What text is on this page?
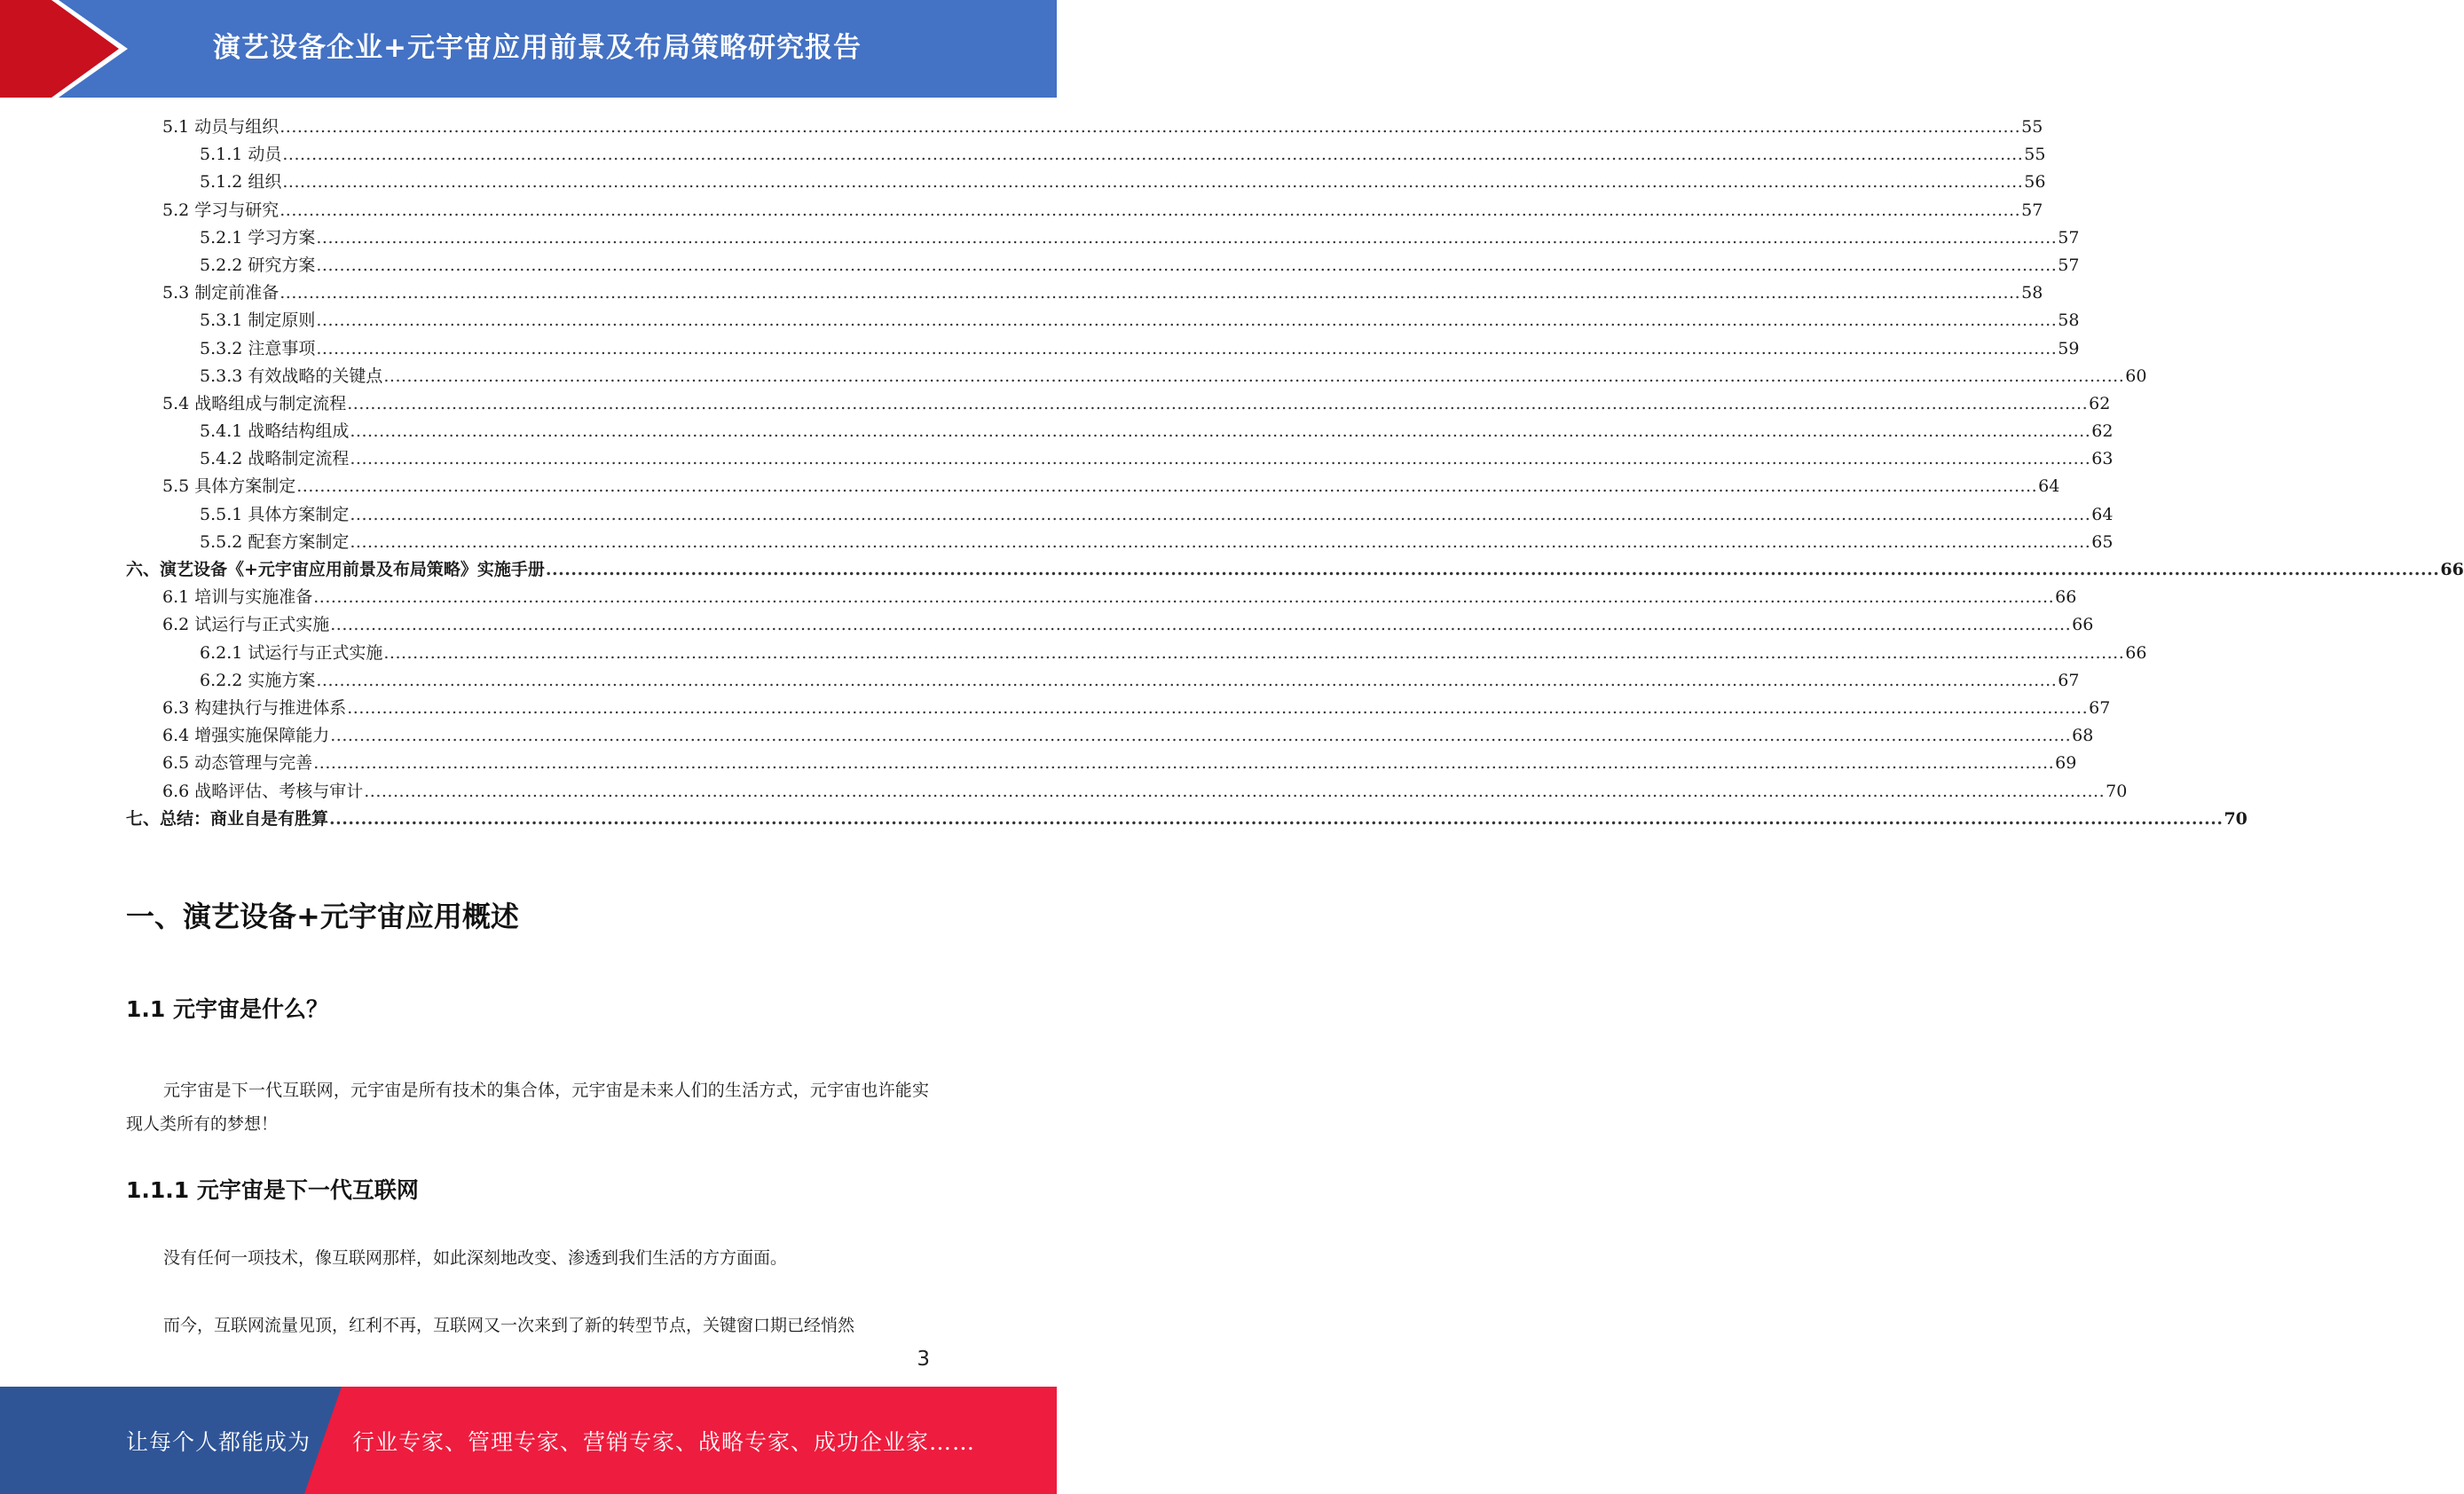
演艺设备企业+元宇宙应用前景及布局策略研究报告
5.1 动员与组织 ............................................................................................................................................................................................................................................................................................................ 55
5.1.1 动员 ............................................................................................................................................................................................................................................................................................................ 55
5.1.2 组织 ............................................................................................................................................................................................................................................................................................................ 56
5.2 学习与研究 ............................................................................................................................................................................................................................................................................................................ 57
5.2.1 学习方案 ............................................................................................................................................................................................................................................................................................................ 57
5.2.2 研究方案 ............................................................................................................................................................................................................................................................................................................ 57
5.3 制定前准备 ............................................................................................................................................................................................................................................................................................................ 58
5.3.1 制定原则 ............................................................................................................................................................................................................................................................................................................ 58
5.3.2 注意事项 ............................................................................................................................................................................................................................................................................................................ 59
5.3.3 有效战略的关键点 ............................................................................................................................................................................................................................................................................................................ 60
5.4 战略组成与制定流程 ............................................................................................................................................................................................................................................................................................................ 62
5.4.1 战略结构组成 ............................................................................................................................................................................................................................................................................................................ 62
5.4.2 战略制定流程 ............................................................................................................................................................................................................................................................................................................ 63
5.5 具体方案制定 ............................................................................................................................................................................................................................................................................................................ 64
5.5.1 具体方案制定 ............................................................................................................................................................................................................................................................................................................ 64
5.5.2 配套方案制定 ............................................................................................................................................................................................................................................................................................................ 65
六、演艺设备《+元宇宙应用前景及布局策略》实施手册 ............................................................................................................................................................................................................................................................................................................ 66
6.1 培训与实施准备 ............................................................................................................................................................................................................................................................................................................ 66
6.2 试运行与正式实施 ............................................................................................................................................................................................................................................................................................................ 66
6.2.1 试运行与正式实施 ............................................................................................................................................................................................................................................................................................................ 66
6.2.2 实施方案 ............................................................................................................................................................................................................................................................................................................ 67
6.3 构建执行与推进体系 ............................................................................................................................................................................................................................................................................................................ 67
6.4 增强实施保障能力 ............................................................................................................................................................................................................................................................................................................ 68
6.5 动态管理与完善 ............................................................................................................................................................................................................................................................................................................ 69
6.6 战略评估、考核与审计 ............................................................................................................................................................................................................................................................................................................ 70
七、总结：商业自是有胜算 ............................................................................................................................................................................................................................................................................................................ 70
一、演艺设备+元宇宙应用概述
1.1 元宇宙是什么？

元宇宙是下一代互联网，元宇宙是所有技术的集合体，元宇宙是未来人们的生活方式，元宇宙也许能实现人类所有的梦想！

1.1.1 元宇宙是下一代互联网

没有任何一项技术，像互联网那样，如此深刻地改变、渗透到我们生活的方方面面。

而今，互联网流量见顶，红利不再，互联网又一次来到了新的转型节点，关键窗口期已经悄然

3
让每个人都能成为 行业专家、管理专家、营销专家、战略专家、成功企业家……
